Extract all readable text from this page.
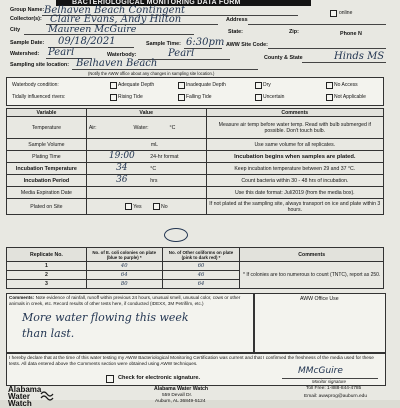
BACTERIOLOGICAL MONITORING DATA FORM
Group Name: Belhaven Beach Contingent	online
Collector(s): Claire Evans, Andy Hilton	Address
City	Maureen McGuire	State:	Zip:	Phone N
Sample Date: 09/18/2021	Sample Time: 6:30pm AWW Site Code:
Watershed: Pearl	Waterbody:	Pearl	County & State	Hinds MS
Sampling site location: Belhaven Beach
(Notify the AWW office about any changes in sampling site location.)
Waterbody condition:	Adequate Depth	Inadequate Depth	Dry	No Access
Tidally influenced rivers:	Rising Tide	Falling Tide	Uncertain	Not Applicable
Variable	Value	Comments
Temperature	Air: Water: °C	Measure air temp before water temp. Read with bulb submerged if possible. Don't touch bulb.
Sample Volume	mL	Use same volume for all replicates.
Plating Time	19:00 24-hr format	Incubation begins when samples are plated.
Incubation Temperature	34 °C	Keep incubation temperature between 29 and 37 °C.
Incubation Period	36 hrs	Count bacteria within 30 - 48 hrs of incubation.
Media Expiration Date		Use this date format: Jul/2019 (from the media box).
Plated on Site	Yes No	If not plated at the sampling site, always transport on ice and plate within 3 hours.
Replicate No.	No. of E. coli colonies on plate (blue to purple) *	No. of Other coliforms on plate (pink to dark red) *	Comments
1	40	60	* If colonies are too numerous to count (TNTC), report as 250.
2	64	46	
3	80	64	
AWW Office Use
Comments: Note evidence of rainfall, runoff within previous 24 hours, unusual smell, unusual color, cows or other animals in creek, etc. Record results of other tests here, if conducted (IDEXX, 3M Petrifilm, etc.)
More water flowing this week
than last.
I hereby declare that at the time of this water testing my AWW Bacteriological Monitoring Certification was current and that I confirmed the freshness of the media used for these tests. All data entered above the Comments section were obtained using AWW techniques.
Check for electronic signature.
MMcGuire
Monitor signature
Alabama
Water
Watch
Alabama Water Watch
559 Devall Dr.
Auburn, AL 36849-5124
Toll Free: 1-888-844-4785
Email: awwprog@auburn.edu
